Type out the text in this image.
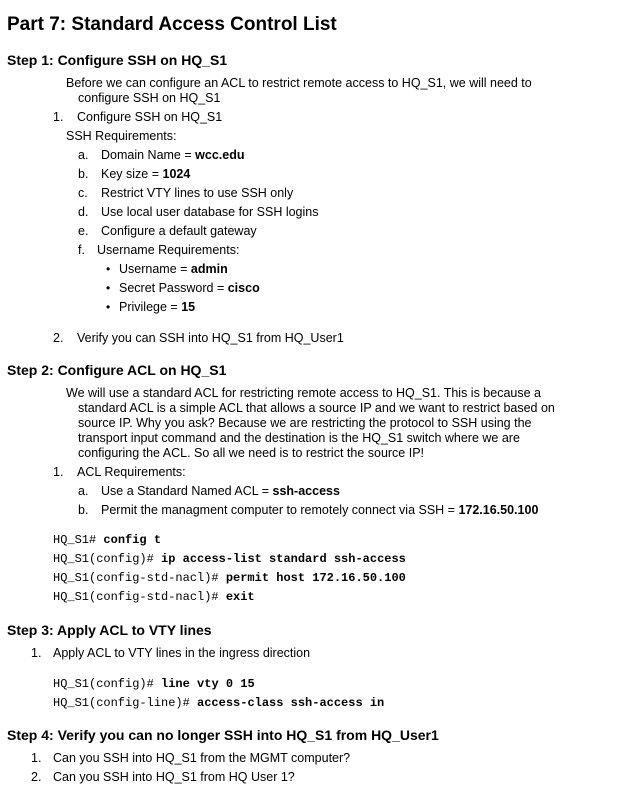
Part 7: Standard Access Control List
Step 1: Configure SSH on HQ_S1
Before we can configure an ACL to restrict remote access to HQ_S1, we will need to
configure SSH on HQ_S1
1. Configure SSH on HQ_S1
SSH Requirements:
a. Domain Name = wcc.edu
b. Key size = 1024
c. Restrict VTY lines to use SSH only
d. Use local user database for SSH logins
e. Configure a default gateway
f. Username Requirements:
• Username = admin
• Secret Password = cisco
• Privilege = 15
2. Verify you can SSH into HQ_S1 from HQ_User1
Step 2: Configure ACL on HQ_S1
We will use a standard ACL for restricting remote access to HQ_S1. This is because a
standard ACL is a simple ACL that allows a source IP and we want to restrict based on
source IP. Why you ask? Because we are restricting the protocol to SSH using the
transport input command and the destination is the HQ_S1 switch where we are
configuring the ACL. So all we need is to restrict the source IP!
1. ACL Requirements:
a. Use a Standard Named ACL = ssh-access
b. Permit the managment computer to remotely connect via SSH = 172.16.50.100
HQ_S1# config t
HQ_S1(config)# ip access-list standard ssh-access
HQ_S1(config-std-nacl)# permit host 172.16.50.100
HQ_S1(config-std-nacl)# exit
Step 3: Apply ACL to VTY lines
1. Apply ACL to VTY lines in the ingress direction
HQ_S1(config)# line vty 0 15
HQ_S1(config-line)# access-class ssh-access in
Step 4: Verify you can no longer SSH into HQ_S1 from HQ_User1
1. Can you SSH into HQ_S1 from the MGMT computer?
2. Can you SSH into HQ_S1 from HQ User 1?
